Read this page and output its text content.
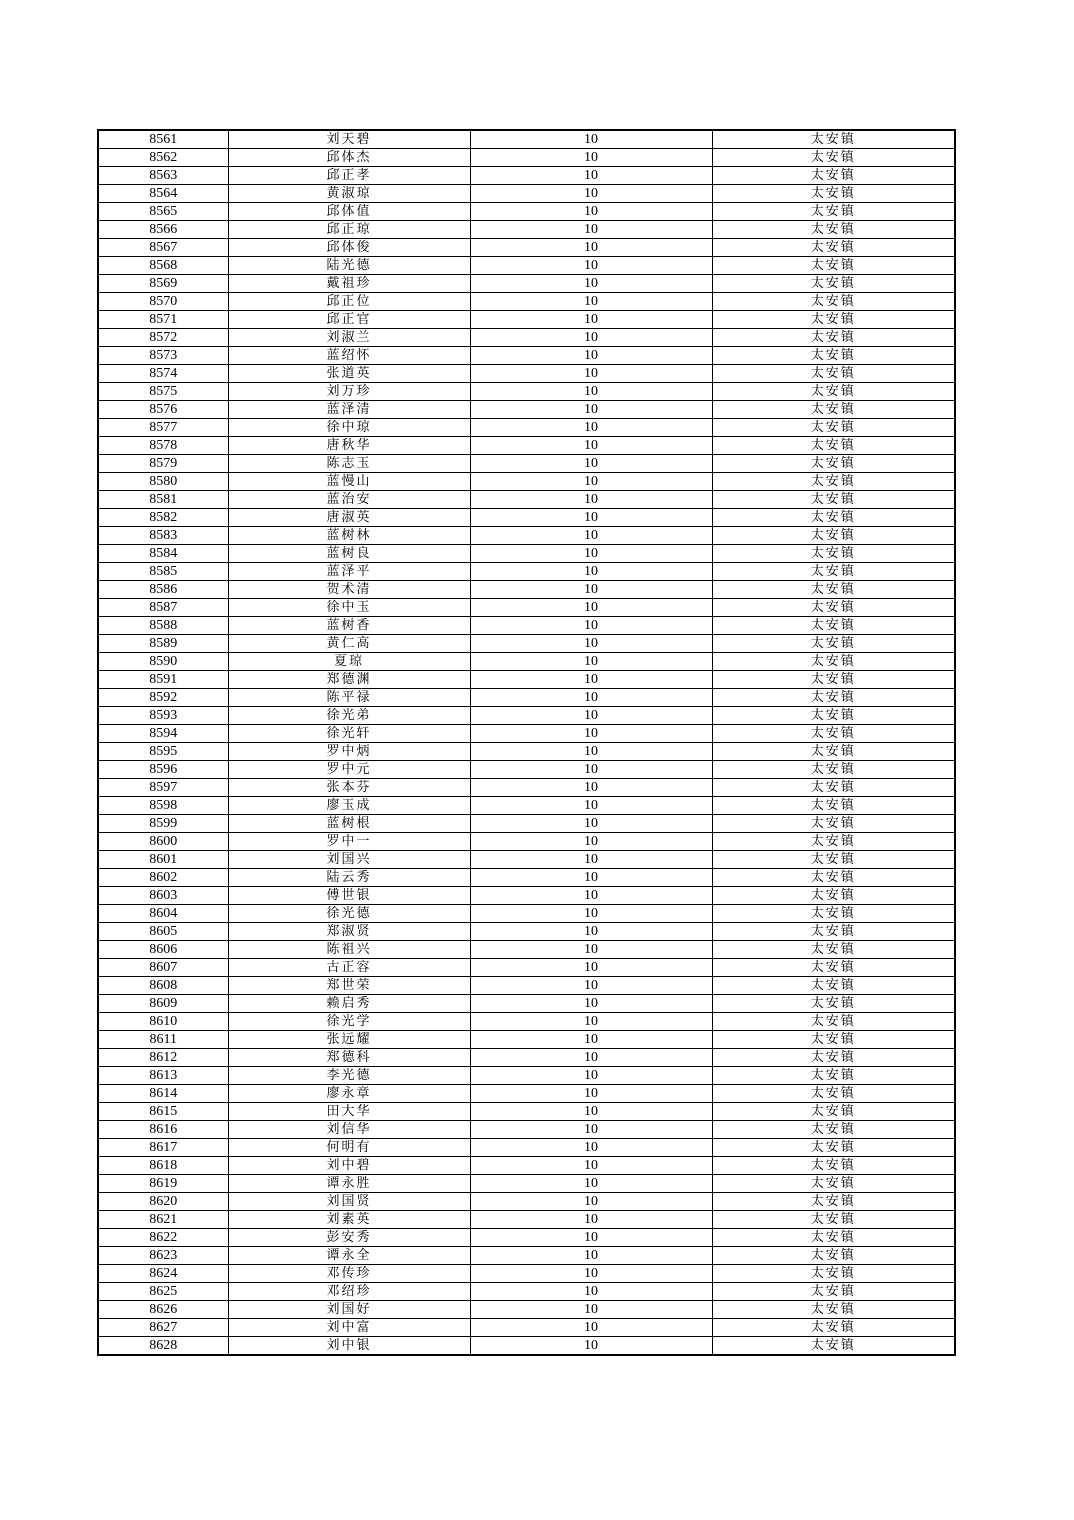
8561	刘天碧	10	太安镇
8562	邱体杰	10	太安镇
8563	邱正孝	10	太安镇
8564	黄淑琼	10	太安镇
8565	邱体值	10	太安镇
8566	邱正琼	10	太安镇
8567	邱体俊	10	太安镇
8568	陆光德	10	太安镇
8569	戴祖珍	10	太安镇
8570	邱正位	10	太安镇
8571	邱正官	10	太安镇
8572	刘淑兰	10	太安镇
8573	蓝绍怀	10	太安镇
8574	张道英	10	太安镇
8575	刘万珍	10	太安镇
8576	蓝泽清	10	太安镇
8577	徐中琼	10	太安镇
8578	唐秋华	10	太安镇
8579	陈志玉	10	太安镇
8580	蓝慢山	10	太安镇
8581	蓝治安	10	太安镇
8582	唐淑英	10	太安镇
8583	蓝树林	10	太安镇
8584	蓝树良	10	太安镇
8585	蓝泽平	10	太安镇
8586	贺术清	10	太安镇
8587	徐中玉	10	太安镇
8588	蓝树香	10	太安镇
8589	黄仁高	10	太安镇
8590	夏琼	10	太安镇
8591	郑德渊	10	太安镇
8592	陈平禄	10	太安镇
8593	徐光弟	10	太安镇
8594	徐光轩	10	太安镇
8595	罗中炳	10	太安镇
8596	罗中元	10	太安镇
8597	张本芬	10	太安镇
8598	廖玉成	10	太安镇
8599	蓝树根	10	太安镇
8600	罗中一	10	太安镇
8601	刘国兴	10	太安镇
8602	陆云秀	10	太安镇
8603	傅世银	10	太安镇
8604	徐光德	10	太安镇
8605	郑淑贤	10	太安镇
8606	陈祖兴	10	太安镇
8607	古正容	10	太安镇
8608	郑世荣	10	太安镇
8609	赖启秀	10	太安镇
8610	徐光学	10	太安镇
8611	张远耀	10	太安镇
8612	郑德科	10	太安镇
8613	李光德	10	太安镇
8614	廖永章	10	太安镇
8615	田大华	10	太安镇
8616	刘信华	10	太安镇
8617	何明有	10	太安镇
8618	刘中碧	10	太安镇
8619	谭永胜	10	太安镇
8620	刘国贤	10	太安镇
8621	刘素英	10	太安镇
8622	彭安秀	10	太安镇
8623	谭永全	10	太安镇
8624	邓传珍	10	太安镇
8625	邓绍珍	10	太安镇
8626	刘国好	10	太安镇
8627	刘中富	10	太安镇
8628	刘中银	10	太安镇
